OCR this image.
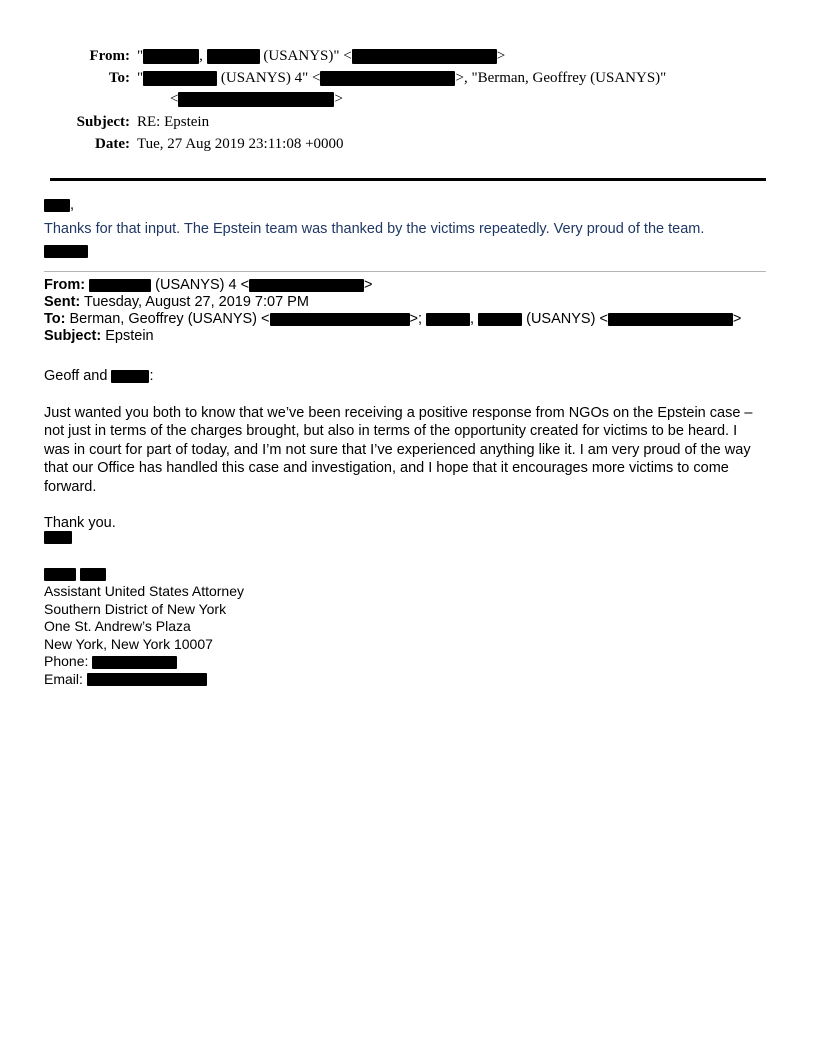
From: "	,	(USANYS)" <	>
To: "	(USANYS) 4" <	>, "Berman, Geoffrey (USANYS)"
<	>
Subject: RE: Epstein
Date: Tue, 27 Aug 2019 23:11:08 +0000
,
Thanks for that input. The Epstein team was thanked by the victims repeatedly. Very proud of the team.
From:	(USANYS) 4 <	>
Sent: Tuesday, August 27, 2019 7:07 PM
To: Berman, Geoffrey (USANYS) <	>;	,	(USANYS) <	>
Subject: Epstein

Geoff and	:

Just wanted you both to know that we’ve been receiving a positive response from NGOs on the Epstein case – not just in terms of the charges brought, but also in terms of the opportunity created for victims to be heard. I was in court for part of today, and I’m not sure that I’ve experienced anything like it. I am very proud of the way that our Office has handled this case and investigation, and I hope that it encourages more victims to come forward.

Thank you.

Assistant United States Attorney
Southern District of New York
One St. Andrew’s Plaza
New York, New York 10007
Phone:
Email:
